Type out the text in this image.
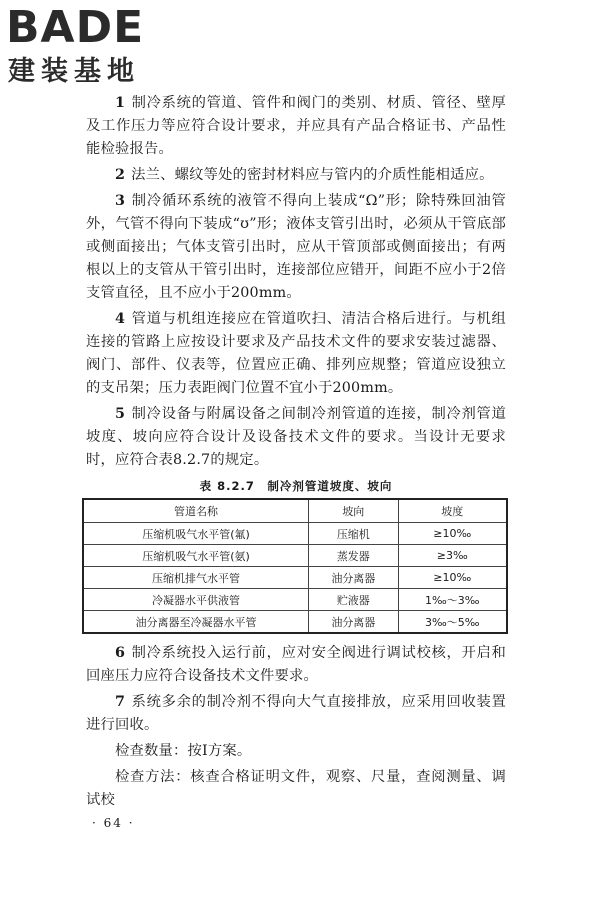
BADE
建装基地

1 制冷系统的管道、管件和阀门的类别、材质、管径、壁厚及工作压力等应符合设计要求，并应具有产品合格证书、产品性能检验报告。

2 法兰、螺纹等处的密封材料应与管内的介质性能相适应。

3 制冷循环系统的液管不得向上装成“Ω”形；除特殊回油管外，气管不得向下装成“ʊ”形；液体支管引出时，必须从干管底部或侧面接出；气体支管引出时，应从干管顶部或侧面接出；有两根以上的支管从干管引出时，连接部位应错开，间距不应小于2倍支管直径，且不应小于200mm。

4 管道与机组连接应在管道吹扫、清洁合格后进行。与机组连接的管路上应按设计要求及产品技术文件的要求安装过滤器、阀门、部件、仪表等，位置应正确、排列应规整；管道应设独立的支吊架；压力表距阀门位置不宜小于200mm。

5 制冷设备与附属设备之间制冷剂管道的连接，制冷剂管道坡度、坡向应符合设计及设备技术文件的要求。当设计无要求时，应符合表8.2.7的规定。

表 8.2.7　制冷剂管道坡度、坡向
管道名称	坡向	坡度
压缩机吸气水平管(氟)	压缩机	≥10‰
压缩机吸气水平管(氨)	蒸发器	≥3‰
压缩机排气水平管	油分离器	≥10‰
冷凝器水平供液管	贮液器	1‰～3‰
油分离器至冷凝器水平管	油分离器	3‰～5‰

6 制冷系统投入运行前，应对安全阀进行调试校核，开启和回座压力应符合设备技术文件要求。

7 系统多余的制冷剂不得向大气直接排放，应采用回收装置进行回收。

检查数量：按Ⅰ方案。

检查方法：核查合格证明文件，观察、尺量，查阅测量、调试校

· 64 ·
